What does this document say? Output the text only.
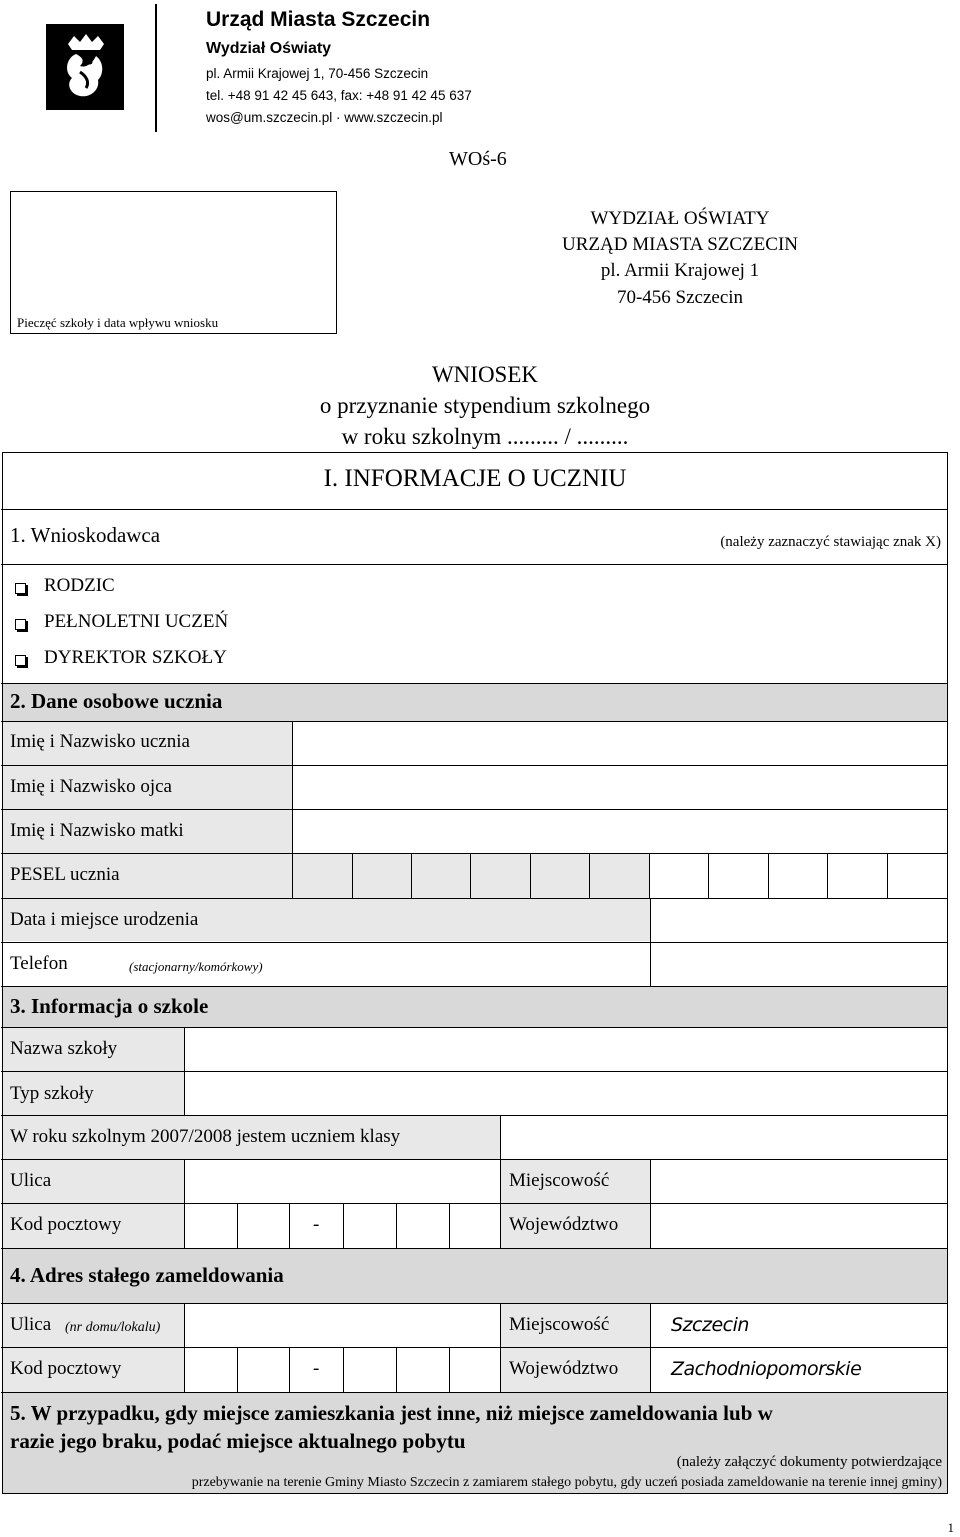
Urząd Miasta Szczecin
Wydział Oświaty
pl. Armii Krajowej 1, 70-456 Szczecin
tel. +48 91 42 45 643, fax: +48 91 42 45 637
wos@um.szczecin.pl · www.szczecin.pl
WOś-6
Pieczęć szkoły i data wpływu wniosku
WYDZIAŁ OŚWIATY
URZĄD MIASTA SZCZECIN
pl. Armii Krajowej 1
70-456 Szczecin
WNIOSEK
o przyznanie stypendium szkolnego
w roku szkolnym ......... / .........
I. INFORMACJE O UCZNIU
1. Wnioskodawca	(należy zaznaczyć stawiając znak X)
RODZIC
PEŁNOLETNI UCZEŃ
DYREKTOR SZKOŁY
2. Dane osobowe ucznia
Imię i Nazwisko ucznia
Imię i Nazwisko ojca
Imię i Nazwisko matki
PESEL ucznia
Data i miejsce urodzenia
Telefon	(stacjonarny/komórkowy)
3. Informacja o szkole
Nazwa szkoły
Typ szkoły
W roku szkolnym 2007/2008 jestem uczniem klasy
Ulica	Miejscowość
Kod pocztowy	-	Województwo
4. Adres stałego zameldowania
Ulica (nr domu/lokalu)	Miejscowość	Szczecin
Kod pocztowy	-	Województwo	Zachodniopomorskie
5. W przypadku, gdy miejsce zamieszkania jest inne, niż miejsce zameldowania lub w
razie jego braku, podać miejsce aktualnego pobytu
(należy załączyć dokumenty potwierdzające
przebywanie na terenie Gminy Miasto Szczecin z zamiarem stałego pobytu, gdy uczeń posiada zameldowanie na terenie innej gminy)
1
